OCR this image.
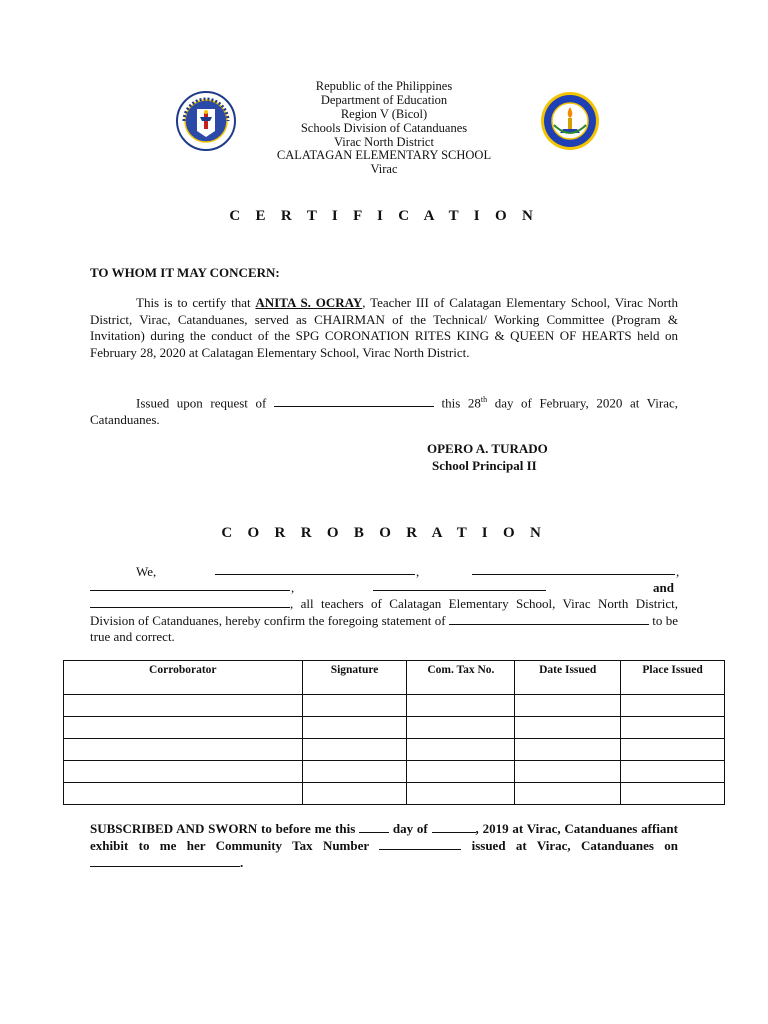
Republic of the Philippines
Department of Education
Region V (Bicol)
Schools Division of Catanduanes
Virac North District
CALATAGAN ELEMENTARY SCHOOL
Virac
C E R T I F I C A T I O N
TO WHOM IT MAY CONCERN:
This is to certify that ANITA S. OCRAY, Teacher III of Calatagan Elementary School, Virac North District, Virac, Catanduanes, served as CHAIRMAN of the Technical/ Working Committee (Program & Invitation) during the conduct of the SPG CORONATION RITES KING & QUEEN OF HEARTS held on February 28, 2020 at Calatagan Elementary School, Virac North District.
Issued upon request of	this 28th day of February, 2020 at Virac, Catanduanes.
OPERO A. TURADO
School Principal II
C O R R O B O R A T I O N
We,	,	,
,	and
, all teachers of Calatagan Elementary School, Virac North District, Division of Catanduanes, hereby confirm the foregoing statement of	to be true and correct.
Corroborator	Signature	Com. Tax No.	Date Issued	Place Issued

SUBSCRIBED AND SWORN to before me this  day of	, 2019 at Virac, Catanduanes affiant exhibit to me her Community Tax Number	issued at Virac, Catanduanes on .
